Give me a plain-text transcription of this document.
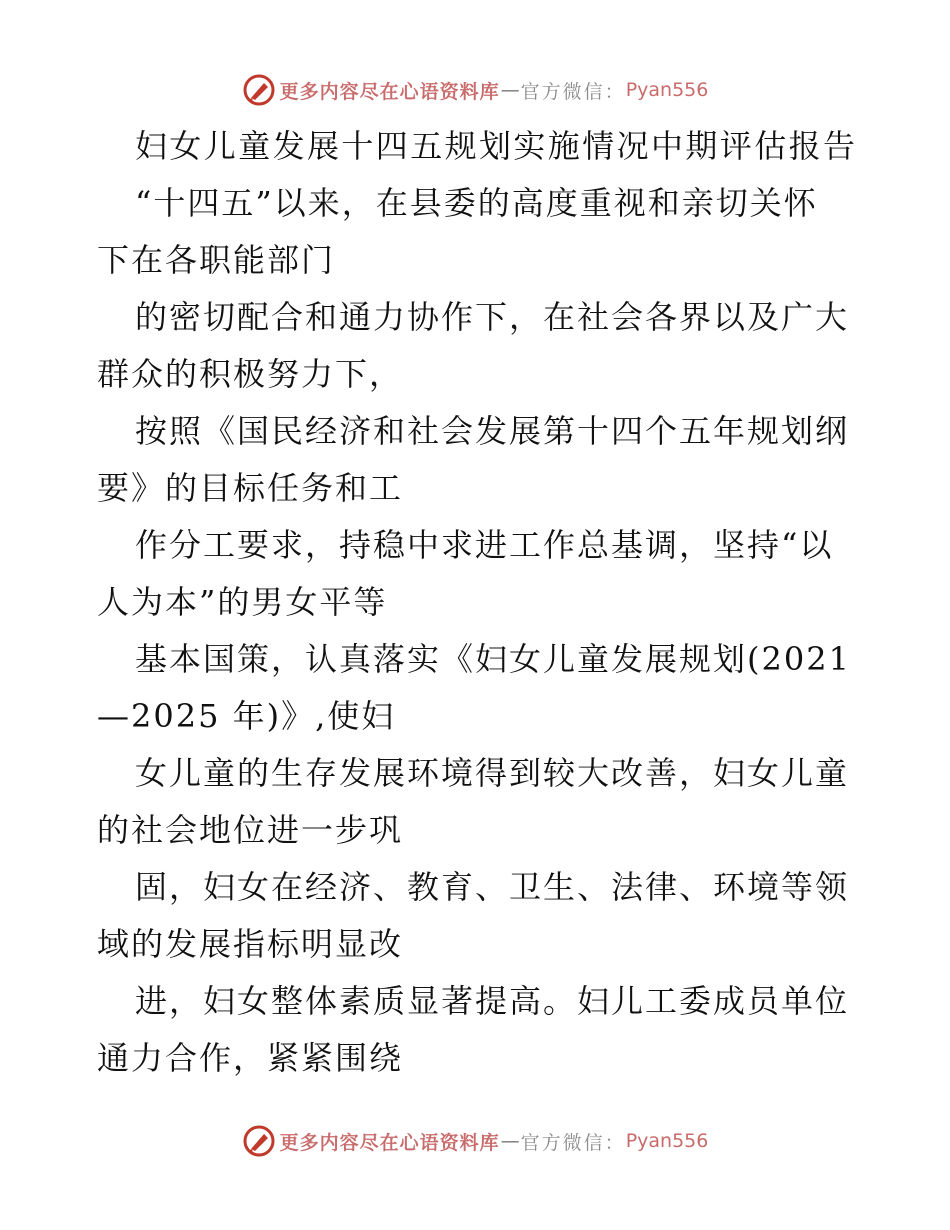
更多内容尽在心语资料库 — 官方微信： Pyan556
妇女儿童发展十四五规划实施情况中期评估报告
“十四五”以来，在县委的高度重视和亲切关怀
下在各职能部门
的密切配合和通力协作下，在社会各界以及广大
群众的积极努力下，
按照《国民经济和社会发展第十四个五年规划纲
要》的目标任务和工
作分工要求，持稳中求进工作总基调，坚持“以
人为本”的男女平等
基本国策，认真落实《妇女儿童发展规划(2021
—2025 年)》,使妇
女儿童的生存发展环境得到较大改善，妇女儿童
的社会地位进一步巩
固，妇女在经济、教育、卫生、法律、环境等领
域的发展指标明显改
进，妇女整体素质显著提高。妇儿工委成员单位
通力合作，紧紧围绕
更多内容尽在心语资料库 — 官方微信： Pyan556
